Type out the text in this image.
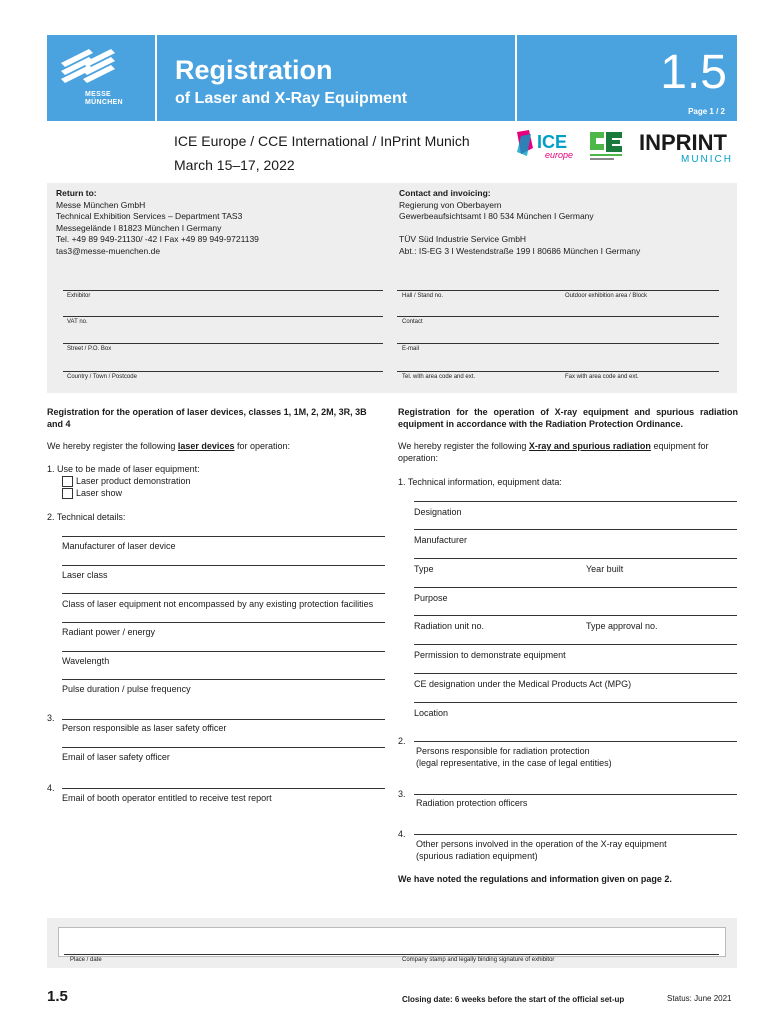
MESSE
MÜNCHEN
Registration
of Laser and X-Ray Equipment	1.5
Page 1 / 2
ICE Europe / CCE International / InPrint Munich
March 15–17, 2022
ICE
europe	INPRINT
MUNICH
Return to:
Messe München GmbH
Technical Exhibition Services – Department TAS3
Messegelände I 81823 München I Germany
Tel. +49 89 949-21130/ -42 I Fax +49 89 949-9721139
tas3@messe-muenchen.de
Contact and invoicing:
Regierung von Oberbayern
Gewerbeaufsichtsamt I 80 534 München I Germany
TÜV Süd Industrie Service GmbH
Abt.: IS-EG 3 I Westendstraße 199 I 80686 München I Germany
Exhibitor	Hall / Stand no.	Outdoor exhibition area / Block
VAT no.	Contact
Street / P.O. Box	E-mail
Country / Town / Postcode	Tel. with area code and ext.	Fax with area code and ext.
Registration for the operation of laser devices, classes 1, 1M, 2, 2M, 3R, 3B and 4
We hereby register the following laser devices for operation:
1. Use to be made of laser equipment:
Laser product demonstration
Laser show
2. Technical details:
Manufacturer of laser device
Laser class
Class of laser equipment not encompassed by any existing protection facilities
Radiant power / energy
Wavelength
Pulse duration / pulse frequency
3.
Person responsible as laser safety officer
Email of laser safety officer
4.
Email of booth operator entitled to receive test report
Registration for the operation of X-ray equipment and spurious radiation equipment in accordance with the Radiation Protection Ordinance.
We hereby register the following X-ray and spurious radiation equipment for operation:
1. Technical information, equipment data:
Designation
Manufacturer
Type	Year built
Purpose
Radiation unit no.	Type approval no.
Permission to demonstrate equipment
CE designation under the Medical Products Act (MPG)
Location
2.
Persons responsible for radiation protection
(legal representative, in the case of legal entities)
3.
Radiation protection officers
4.
Other persons involved in the operation of the X-ray equipment
(spurious radiation equipment)
We have noted the regulations and information given on page 2.
Place / date	Company stamp and legally binding signature of exhibitor
1.5	Closing date: 6 weeks before the start of the official set-up	Status: June 2021
